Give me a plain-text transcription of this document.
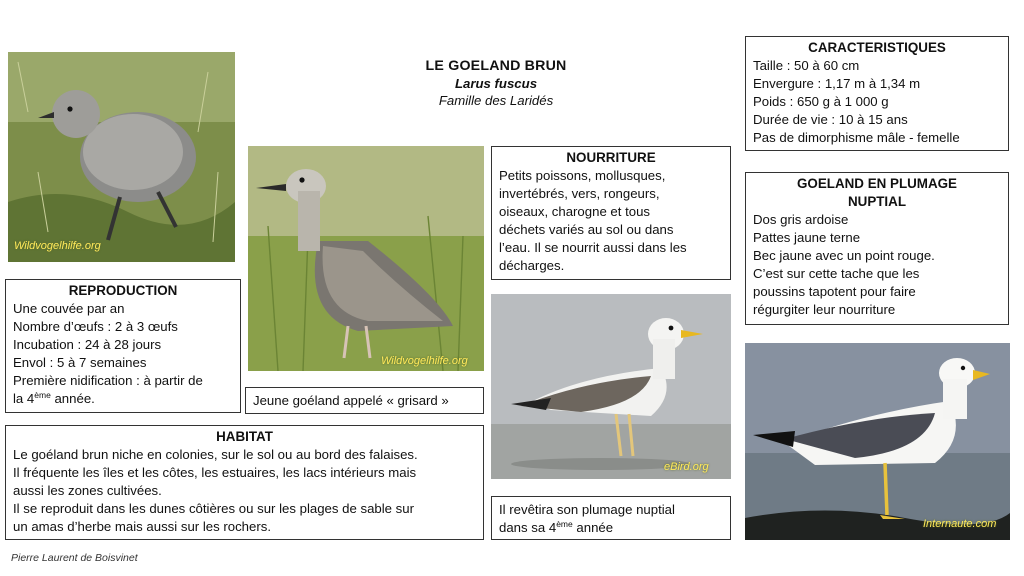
LE GOELAND BRUN
Larus fuscus
Famille des Laridés
Wildvogelhilfe.org
Wildvogelhilfe.org
eBird.org
Internaute.com
CARACTERISTIQUES
Taille : 50 à 60 cm
Envergure : 1,17 m à 1,34 m
Poids : 650 g à 1 000 g
Durée de vie : 10 à 15 ans
Pas de dimorphisme mâle - femelle
NOURRITURE
Petits poissons, mollusques,
invertébrés, vers, rongeurs,
oiseaux, charogne et tous
déchets variés au sol ou dans
l’eau. Il se nourrit aussi dans les
décharges.
GOELAND EN PLUMAGE
NUPTIAL
Dos gris ardoise
Pattes jaune terne
Bec jaune avec un point rouge.
C’est sur cette tache que les
poussins tapotent pour faire
régurgiter leur nourriture
REPRODUCTION
Une couvée par an
Nombre d’œufs : 2 à 3 œufs
Incubation : 24 à 28 jours
Envol : 5 à 7 semaines
Première nidification : à partir de
la 4ème année.	Jeune goéland appelé « grisard »
HABITAT
Le goéland brun niche en colonies, sur le sol ou au bord des falaises.
Il fréquente les îles et les côtes, les estuaires, les lacs intérieurs mais
aussi les zones cultivées.
Il se reproduit dans les dunes côtières ou sur les plages de sable sur
un amas d’herbe mais aussi sur les rochers.
Il revêtira son plumage nuptial
dans sa 4ème année
Pierre Laurent de Boisvinet
